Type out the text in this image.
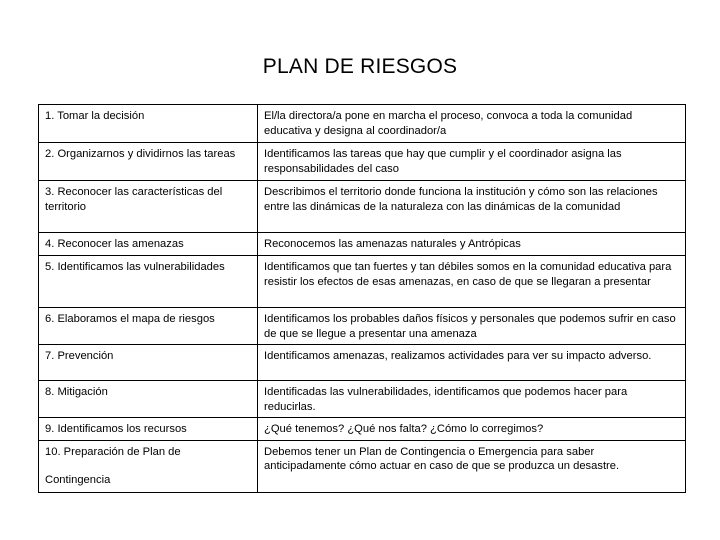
PLAN DE RIESGOS
1. Tomar la decisión	El/la directora/a pone en marcha el proceso, convoca a toda la comunidad educativa y designa al coordinador/a
2. Organizarnos y dividirnos las tareas	Identificamos las tareas que hay que cumplir y el coordinador asigna las responsabilidades del caso
3. Reconocer las características del territorio	Describimos el territorio donde funciona la institución y cómo son las relaciones entre las dinámicas de la naturaleza con las dinámicas de la comunidad
4. Reconocer las amenazas	Reconocemos las amenazas naturales y Antrópicas
5. Identificamos las vulnerabilidades	Identificamos que tan fuertes y tan débiles somos en la comunidad educativa para resistir los efectos de esas amenazas, en caso de que se llegaran a presentar
6. Elaboramos el mapa de riesgos	Identificamos los probables daños físicos y personales que podemos sufrir en caso de que se llegue a presentar una amenaza
7. Prevención	Identificamos amenazas, realizamos actividades para ver su impacto adverso.
8. Mitigación	Identificadas las vulnerabilidades, identificamos que podemos hacer para reducirlas.
9. Identificamos los recursos	¿Qué tenemos? ¿Qué nos falta? ¿Cómo lo corregimos?
10. Preparación de Plan de
Contingencia	Debemos tener un Plan de Contingencia o Emergencia para saber anticipadamente cómo actuar en caso de que se produzca un desastre.
